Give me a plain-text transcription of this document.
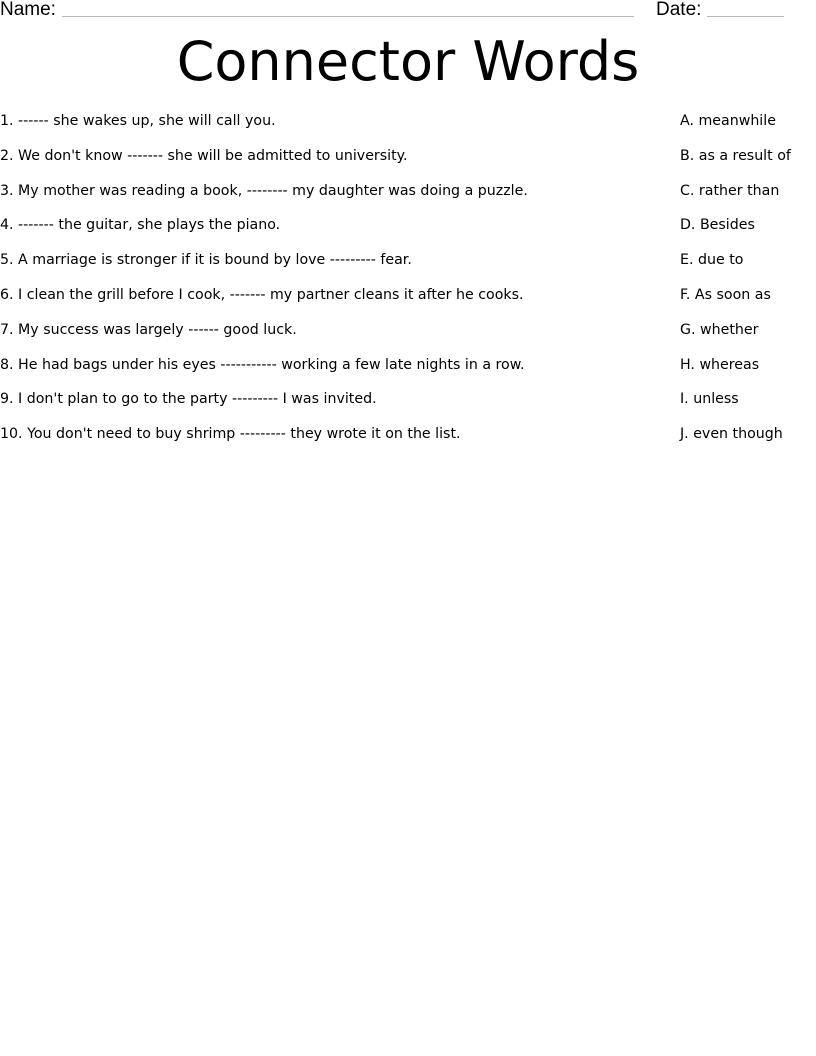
Name:	Date:
Connector Words
1. ------ she wakes up, she will call you.
2. We don't know ------- she will be admitted to university.
3. My mother was reading a book, -------- my daughter was doing a puzzle.
4. ------- the guitar, she plays the piano.
5. A marriage is stronger if it is bound by love --------- fear.
6. I clean the grill before I cook, ------- my partner cleans it after he cooks.
7. My success was largely ------ good luck.
8. He had bags under his eyes ----------- working a few late nights in a row.
9. I don't plan to go to the party --------- I was invited.
10. You don't need to buy shrimp --------- they wrote it on the list.
A. meanwhile
B. as a result of
C. rather than
D. Besides
E. due to
F. As soon as
G. whether
H. whereas
I. unless
J. even though
